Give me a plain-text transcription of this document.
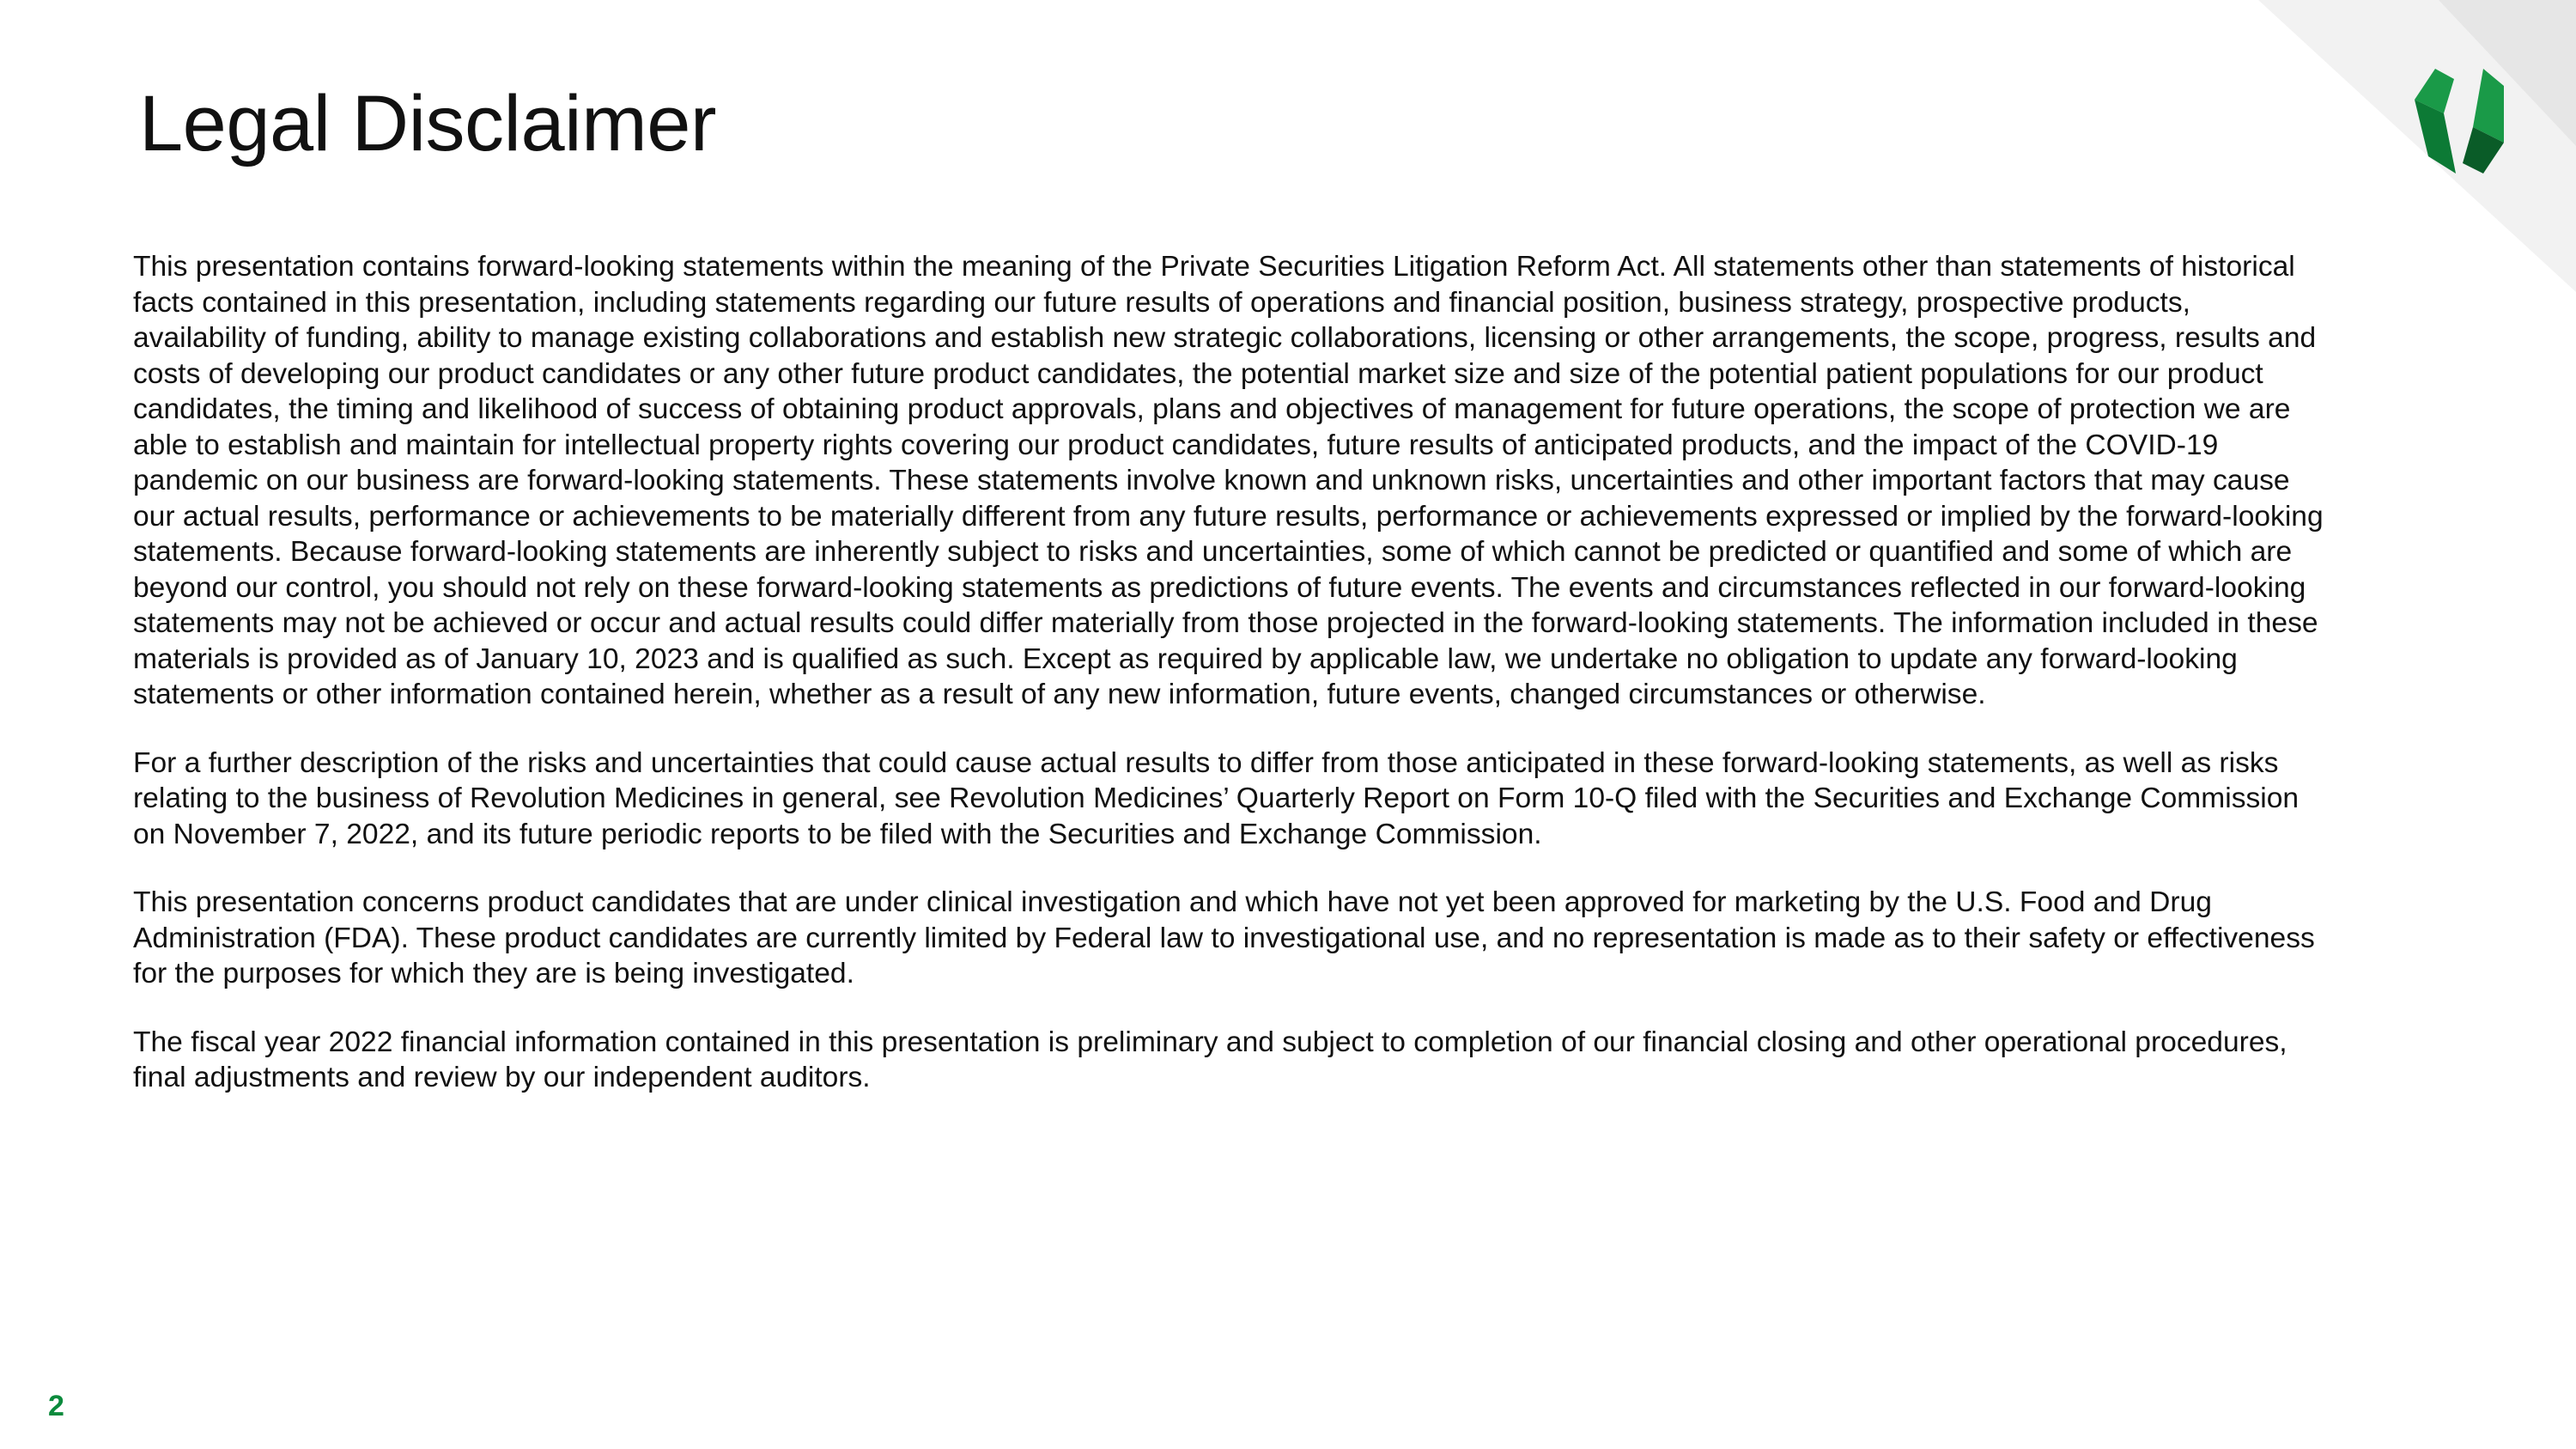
Legal Disclaimer

This presentation contains forward-looking statements within the meaning of the Private Securities Litigation Reform Act. All statements other than statements of historical facts contained in this presentation, including statements regarding our future results of operations and financial position, business strategy, prospective products, availability of funding, ability to manage existing collaborations and establish new strategic collaborations, licensing or other arrangements, the scope, progress, results and costs of developing our product candidates or any other future product candidates, the potential market size and size of the potential patient populations for our product candidates, the timing and likelihood of success of obtaining product approvals, plans and objectives of management for future operations, the scope of protection we are able to establish and maintain for intellectual property rights covering our product candidates, future results of anticipated products, and the impact of the COVID-19 pandemic on our business are forward-looking statements. These statements involve known and unknown risks, uncertainties and other important factors that may cause our actual results, performance or achievements to be materially different from any future results, performance or achievements expressed or implied by the forward-looking statements. Because forward-looking statements are inherently subject to risks and uncertainties, some of which cannot be predicted or quantified and some of which are beyond our control, you should not rely on these forward-looking statements as predictions of future events. The events and circumstances reflected in our forward-looking statements may not be achieved or occur and actual results could differ materially from those projected in the forward-looking statements. The information included in these materials is provided as of January 10, 2023 and is qualified as such. Except as required by applicable law, we undertake no obligation to update any forward-looking statements or other information contained herein, whether as a result of any new information, future events, changed circumstances or otherwise.

For a further description of the risks and uncertainties that could cause actual results to differ from those anticipated in these forward-looking statements, as well as risks relating to the business of Revolution Medicines in general, see Revolution Medicines’ Quarterly Report on Form 10-Q filed with the Securities and Exchange Commission on November 7, 2022, and its future periodic reports to be filed with the Securities and Exchange Commission.

This presentation concerns product candidates that are under clinical investigation and which have not yet been approved for marketing by the U.S. Food and Drug Administration (FDA). These product candidates are currently limited by Federal law to investigational use, and no representation is made as to their safety or effectiveness for the purposes for which they are is being investigated.

The fiscal year 2022 financial information contained in this presentation is preliminary and subject to completion of our financial closing and other operational procedures, final adjustments and review by our independent auditors.

2
